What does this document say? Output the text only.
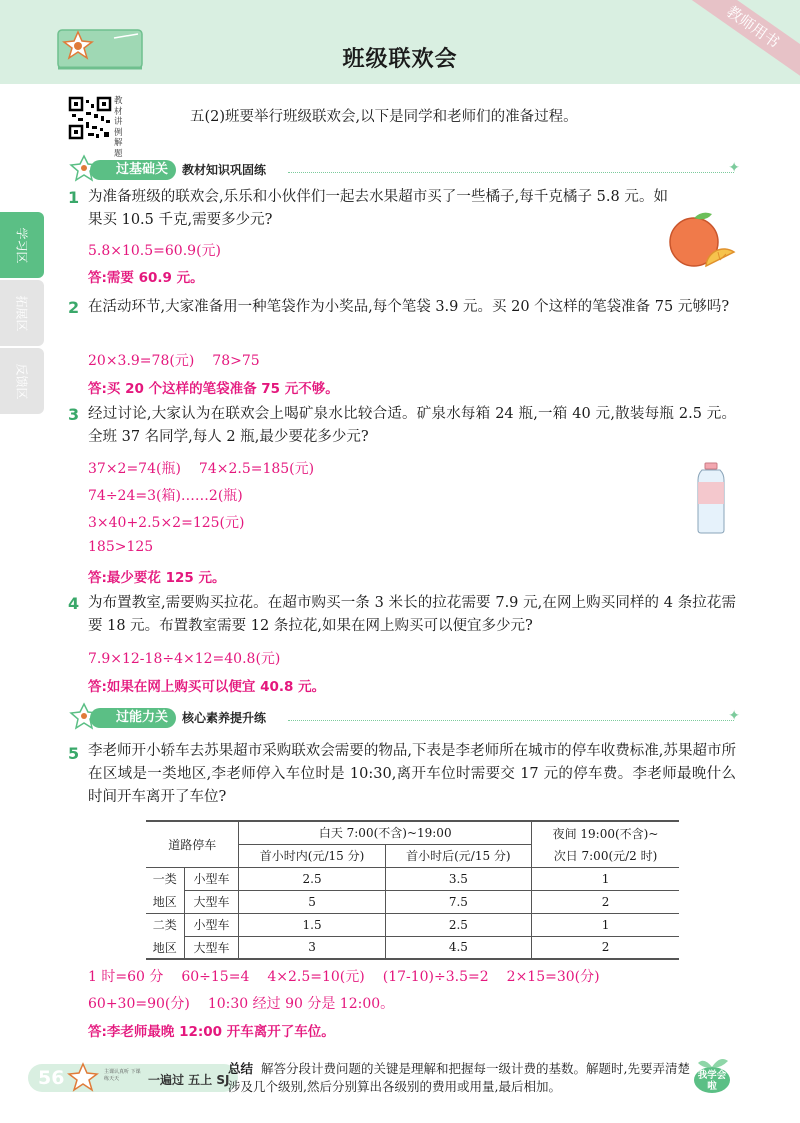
班级联欢会
教师用书
教材讲例解题
五(2)班要举行班级联欢会,以下是同学和老师们的准备过程。
学习区
拓展区
反馈区
过基础关	教材知识巩固练	✦
1 为准备班级的联欢会,乐乐和小伙伴们一起去水果超市买了一些橘子,每千克橘子 5.8 元。如果买 10.5 千克,需要多少元?
5.8×10.5=60.9(元)
答:需要 60.9 元。
2 在活动环节,大家准备用一种笔袋作为小奖品,每个笔袋 3.9 元。买 20 个这样的笔袋准备 75 元够吗?
20×3.9=78(元) 78>75
答:买 20 个这样的笔袋准备 75 元不够。
3 经过讨论,大家认为在联欢会上喝矿泉水比较合适。矿泉水每箱 24 瓶,一箱 40 元,散装每瓶 2.5 元。全班 37 名同学,每人 2 瓶,最少要花多少元?
37×2=74(瓶) 74×2.5=185(元)
74÷24=3(箱)……2(瓶)
3×40+2.5×2=125(元)
185>125
答:最少要花 125 元。
4 为布置教室,需要购买拉花。在超市购买一条 3 米长的拉花需要 7.9 元,在网上购买同样的 4 条拉花需要 18 元。布置教室需要 12 条拉花,如果在网上购买可以便宜多少元?
7.9×12-18÷4×12=40.8(元)
答:如果在网上购买可以便宜 40.8 元。
过能力关	核心素养提升练	✦
5 李老师开小轿车去苏果超市采购联欢会需要的物品,下表是李老师所在城市的停车收费标准,苏果超市所在区域是一类地区,李老师停入车位时是 10:30,离开车位时需要交 17 元的停车费。李老师最晚什么时间开车离开了车位?
道路停车		白天 7:00(不含)~19:00		夜间 19:00(不含)~
		首小时内(元/15 分)	首小时后(元/15 分)	次日 7:00(元/2 时)
一类	小型车	2.5	3.5	1
地区	大型车	5	7.5	2
二类	小型车	1.5	2.5	1
地区	大型车	3	4.5	2
1 时=60 分 60÷15=4 4×2.5=10(元) (17-10)÷3.5=2 2×15=30(分)
60+30=90(分) 10:30 经过 90 分是 12:00。
答:李老师最晚 12:00 开车离开了车位。
56	主课认真听 下课练天天	一遍过 五上 SJ
总结 解答分段计费问题的关键是理解和把握每一级计费的基数。解题时,先要弄清楚涉及几个级别,然后分别算出各级别的费用或用量,最后相加。
我学会啦
